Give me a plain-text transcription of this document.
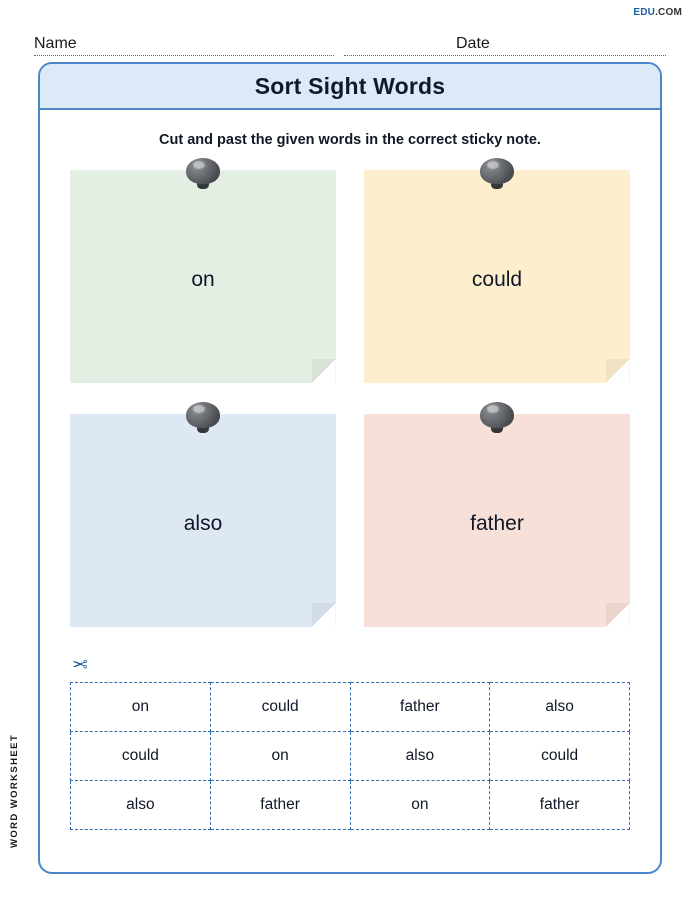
EDU.COM
Name	Date
WORD WORKSHEET
Sort Sight Words
Cut and past the given words in the correct sticky note.
on	could
also	father
✂
on	could	father	also
could	on	also	could
also	father	on	father
